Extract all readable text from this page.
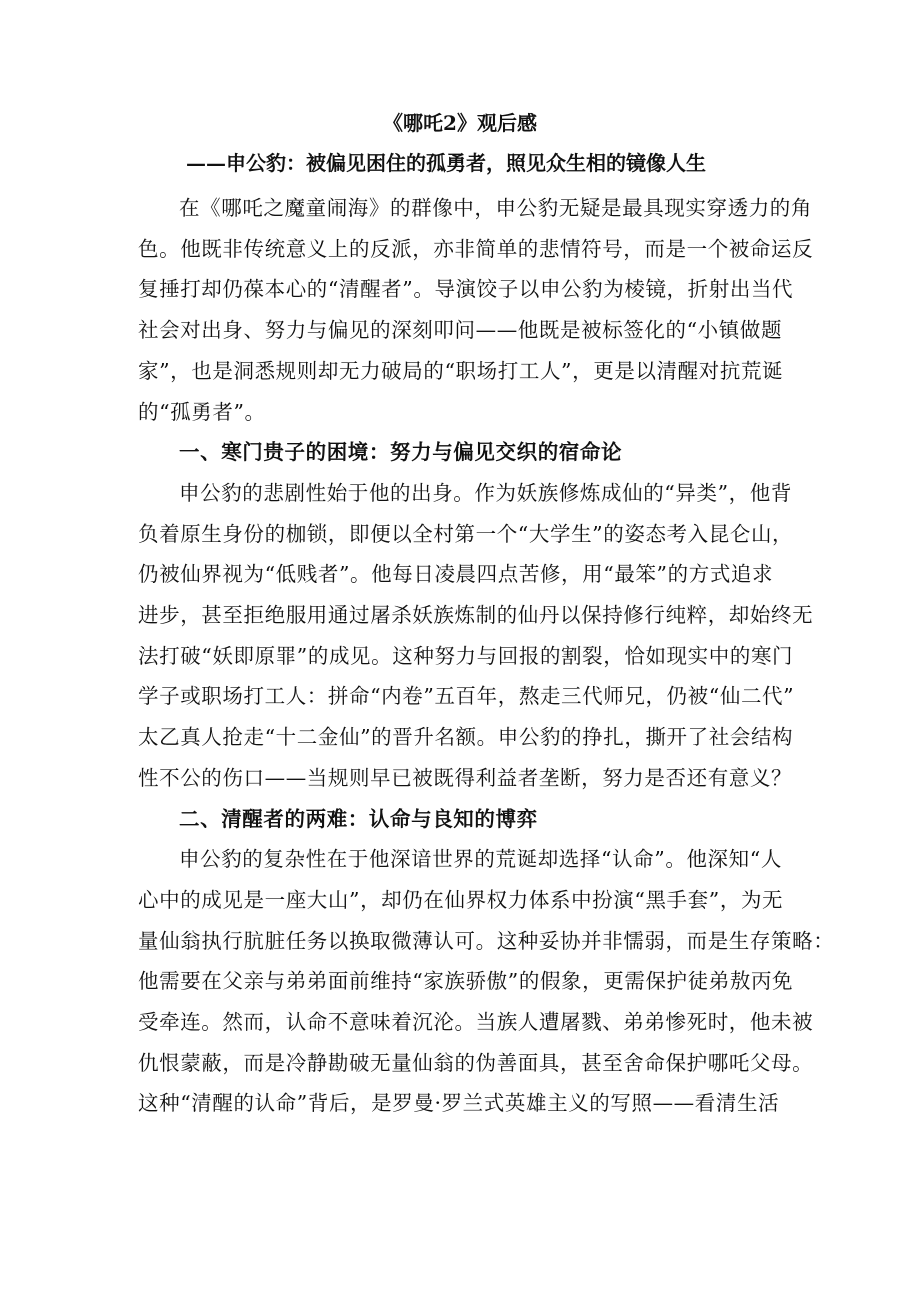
《哪吒2》观后感
——申公豹：被偏见困住的孤勇者，照见众生相的镜像人生
在《哪吒之魔童闹海》的群像中，申公豹无疑是最具现实穿透力的角
色。他既非传统意义上的反派，亦非简单的悲情符号，而是一个被命运反
复捶打却仍葆本心的“清醒者”。导演饺子以申公豹为棱镜，折射出当代
社会对出身、努力与偏见的深刻叩问——他既是被标签化的“小镇做题
家”，也是洞悉规则却无力破局的“职场打工人”，更是以清醒对抗荒诞
的“孤勇者”。

一、寒门贵子的困境：努力与偏见交织的宿命论

申公豹的悲剧性始于他的出身。作为妖族修炼成仙的“异类”，他背
负着原生身份的枷锁，即便以全村第一个“大学生”的姿态考入昆仑山，
仍被仙界视为“低贱者”。他每日凌晨四点苦修，用“最笨”的方式追求
进步，甚至拒绝服用通过屠杀妖族炼制的仙丹以保持修行纯粹，却始终无
法打破“妖即原罪”的成见。这种努力与回报的割裂，恰如现实中的寒门
学子或职场打工人：拼命“内卷”五百年，熬走三代师兄，仍被“仙二代”
太乙真人抢走“十二金仙”的晋升名额。申公豹的挣扎，撕开了社会结构
性不公的伤口——当规则早已被既得利益者垄断，努力是否还有意义？

二、清醒者的两难：认命与良知的博弈

申公豹的复杂性在于他深谙世界的荒诞却选择“认命”。他深知“人
心中的成见是一座大山”，却仍在仙界权力体系中扮演“黑手套”，为无
量仙翁执行肮脏任务以换取微薄认可。这种妥协并非懦弱，而是生存策略：
他需要在父亲与弟弟面前维持“家族骄傲”的假象，更需保护徒弟敖丙免
受牵连。然而，认命不意味着沉沦。当族人遭屠戮、弟弟惨死时，他未被
仇恨蒙蔽，而是冷静勘破无量仙翁的伪善面具，甚至舍命保护哪吒父母。
这种“清醒的认命”背后，是罗曼·罗兰式英雄主义的写照——看清生活
